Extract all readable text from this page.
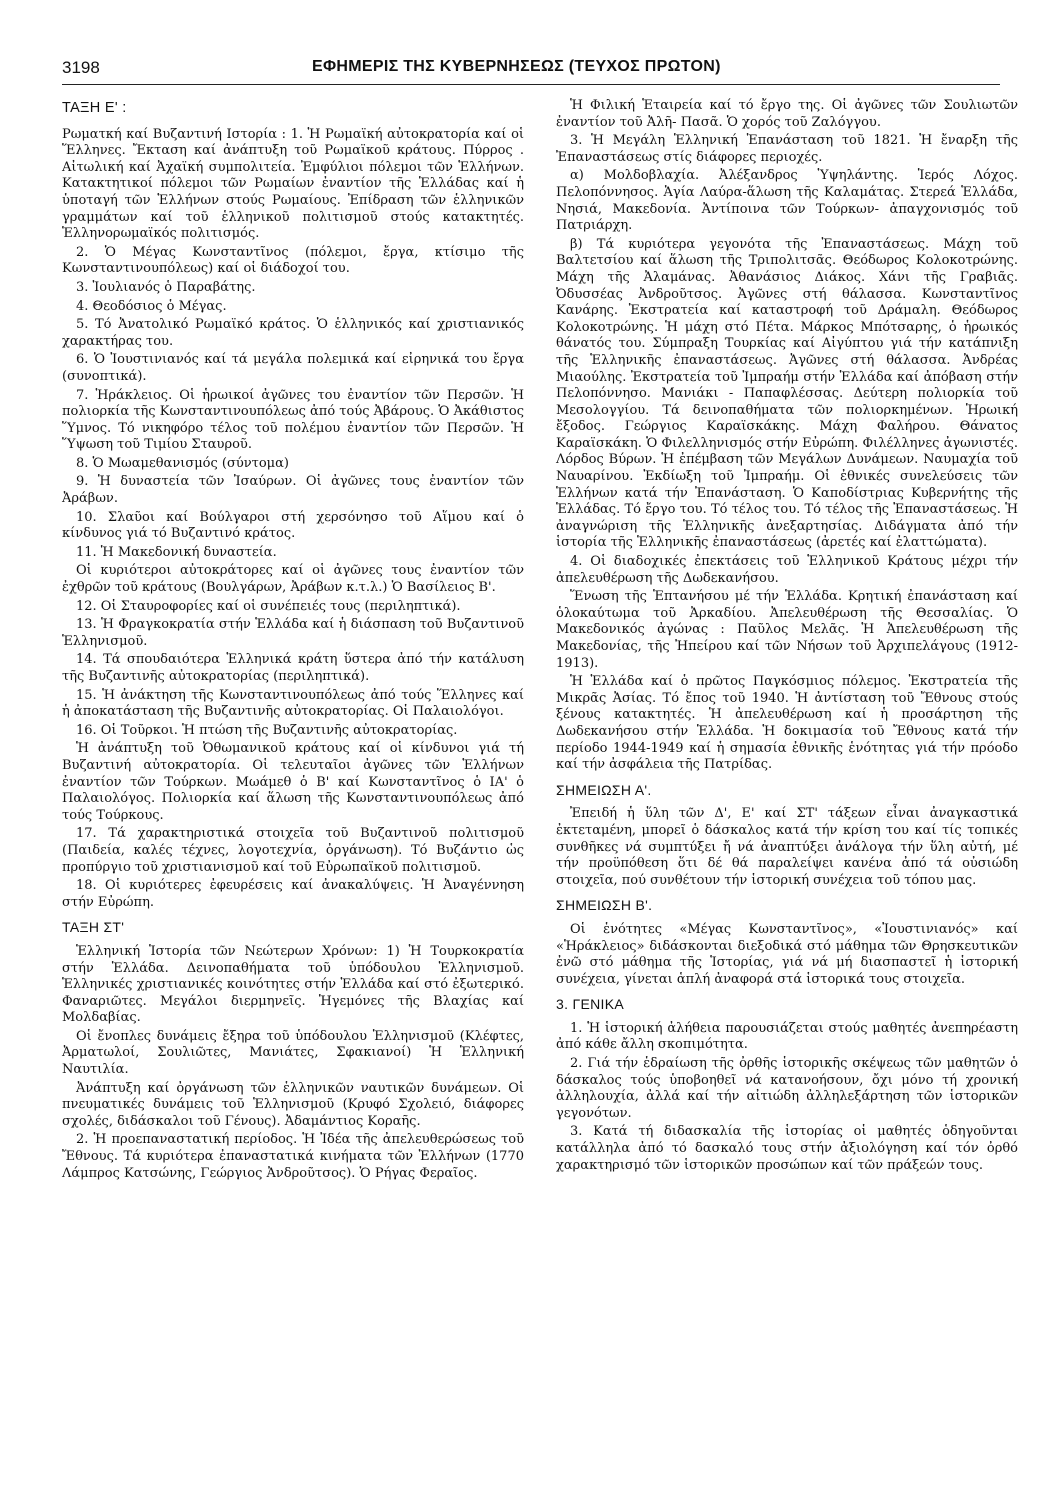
3198	ΕΦΗΜΕΡΙΣ ΤΗΣ ΚΥΒΕΡΝΗΣΕΩΣ (ΤΕΥΧΟΣ ΠΡΩΤΟΝ)
ΤΑΞΗ Ε' :

Ρωματκή καί Βυζαντινή Ιστορία : 1. Ἡ Ρωμαϊκή αὐτοκρατορία καί οἱ Ἕλληνες. Ἔκταση καί ἀνάπτυξη τοῦ Ρωμαϊκοῦ κράτους. Πύρρος . Αἰτωλική καί Ἀχαϊκή συμπολιτεία. Ἐμφύλιοι πόλεμοι τῶν Ἑλλήνων. Κατακτητικοί πόλεμοι τῶν Ρωμαίων ἐναντίον τῆς Ἑλλάδας καί ἡ ὑποταγή τῶν Ἑλλήνων στούς Ρωμαίους. Ἐπίδραση τῶν ἑλληνικῶν γραμμάτων καί τοῦ ἑλληνικοῦ πολιτισμοῦ στούς κατακτητές. Ἑλληνορωμαϊκός πολιτισμός.

2. Ὁ Μέγας Κωνσταντῖνος (πόλεμοι, ἔργα, κτίσιμο τῆς Κωνσταντινουπόλεως) καί οἱ διάδοχοί του.

3. Ἰουλιανός ὁ Παραβάτης.

4. Θεοδόσιος ὁ Μέγας.

5. Τό Ἀνατολικό Ρωμαϊκό κράτος. Ὁ ἑλληνικός καί χριστιανικός χαρακτήρας του.

6. Ὁ Ἰουστινιανός καί τά μεγάλα πολεμικά καί εἰρηνικά του ἔργα (συνοπτικά).

7. Ἡράκλειος. Οἱ ἡρωικοί ἀγῶνες του ἐναντίον τῶν Περσῶν. Ἡ πολιορκία τῆς Κωνσταντινουπόλεως ἀπό τούς Ἀβάρους. Ὁ Ἀκάθιστος Ὕμνος. Τό νικηφόρο τέλος τοῦ πολέμου ἐναντίον τῶν Περσῶν. Ἡ Ὕψωση τοῦ Τιμίου Σταυροῦ.

8. Ὁ Μωαμεθανισμός (σύντομα)

9. Ἡ δυναστεία τῶν Ἰσαύρων. Οἱ ἀγῶνες τους ἐναντίον τῶν Ἀράβων.

10. Σλαῦοι καί Βούλγαροι στή χερσόνησο τοῦ Αἵμου καί ὁ κίνδυνος γιά τό Βυζαντινό κράτος.

11. Ἡ Μακεδονική δυναστεία.

Οἱ κυριότεροι αὐτοκράτορες καί οἱ ἀγῶνες τους ἐναντίον τῶν ἐχθρῶν τοῦ κράτους (Βουλγάρων, Ἀράβων κ.τ.λ.) Ὁ Βασίλειος Β'.

12. Οἱ Σταυροφορίες καί οἱ συνέπειές τους (περιληπτικά).

13. Ἡ Φραγκοκρατία στήν Ἑλλάδα καί ἡ διάσπαση τοῦ Βυζαντινοῦ Ἑλληνισμοῦ.

14. Τά σπουδαιότερα Ἑλληνικά κράτη ὕστερα ἀπό τήν κατάλυση τῆς Βυζαντινῆς αὐτοκρατορίας (περιληπτικά).

15. Ἡ ἀνάκτηση τῆς Κωνσταντινουπόλεως ἀπό τούς Ἕλληνες καί ἡ ἀποκατάσταση τῆς Βυζαντινῆς αὐτοκρατορίας. Οἱ Παλαιολόγοι.

16. Οἱ Τοῦρκοι. Ἡ πτώση τῆς Βυζαντινῆς αὐτοκρατορίας.

Ἡ ἀνάπτυξη τοῦ Ὀθωμανικοῦ κράτους καί οἱ κίνδυνοι γιά τή Βυζαντινή αὐτοκρατορία. Οἱ τελευταῖοι ἀγῶνες τῶν Ἑλλήνων ἐναντίον τῶν Τούρκων. Μωάμεθ ὁ Β' καί Κωνσταντῖνος ὁ ΙΑ' ὁ Παλαιολόγος. Πολιορκία καί ἅλωση τῆς Κωνσταντινουπόλεως ἀπό τούς Τούρκους.

17. Τά χαρακτηριστικά στοιχεῖα τοῦ Βυζαντινοῦ πολιτισμοῦ (Παιδεία, καλές τέχνες, λογοτεχνία, ὀργάνωση). Τό Βυζάντιο ὡς προπύργιο τοῦ χριστιανισμοῦ καί τοῦ Εὐρωπαϊκοῦ πολιτισμοῦ.

18. Οἱ κυριότερες ἐφευρέσεις καί ἀνακαλύψεις. Ἡ Ἀναγέννηση στήν Εὐρώπη.

ΤΑΞΗ ΣΤ'

Ἑλληνική Ἱστορία τῶν Νεώτερων Χρόνων: 1) Ἡ Τουρκοκρατία στήν Ἑλλάδα. Δεινοπαθήματα τοῦ ὑπόδουλου Ἑλληνισμοῦ. Ἑλληνικές χριστιανικές κοινότητες στήν Ἑλλάδα καί στό ἐξωτερικό. Φαναριῶτες. Μεγάλοι διερμηνεῖς. Ἡγεμόνες τῆς Βλαχίας καί Μολδαβίας.

Οἱ ἔνοπλες δυνάμεις ἔξηρα τοῦ ὑπόδουλου Ἑλληνισμοῦ (Κλέφτες, Ἀρματωλοί, Σουλιῶτες, Μανιάτες, Σφακιανοί) Ἡ Ἑλληνική Ναυτιλία.

Ἀνάπτυξη καί ὀργάνωση τῶν ἑλληνικῶν ναυτικῶν δυνάμεων. Οἱ πνευματικές δυνάμεις τοῦ Ἑλληνισμοῦ (Κρυφό Σχολειό, διάφορες σχολές, διδάσκαλοι τοῦ Γένους). Ἀδαμάντιος Κοραῆς.

2. Ἡ προεπαναστατική περίοδος. Ἡ Ἰδέα τῆς ἀπελευθερώσεως τοῦ Ἔθνους. Τά κυριότερα ἐπαναστατικά κινήματα τῶν Ἑλλήνων (1770 Λάμπρος Κατσώνης, Γεώργιος Ἀνδροῦτσος). Ὁ Ρήγας Φεραῖος.

Ἡ Φιλική Ἑταιρεία καί τό ἔργο της. Οἱ ἀγῶνες τῶν Σουλιωτῶν ἐναντίον τοῦ Ἀλῆ- Πασᾶ. Ὁ χορός τοῦ Ζαλόγγου.

3. Ἡ Μεγάλη Ἑλληνική Ἐπανάσταση τοῦ 1821. Ἡ ἔναρξη τῆς Ἐπαναστάσεως στίς διάφορες περιοχές.

α) Μολδοβλαχία. Ἀλέξανδρος Ὑψηλάντης. Ἱερός Λόχος. Πελοπόννησος. Ἁγία Λαύρα-ἅλωση τῆς Καλαμάτας. Στερεά Ἑλλάδα, Νησιά, Μακεδονία. Ἀντίποινα τῶν Τούρκων- ἀπαγχονισμός τοῦ Πατριάρχη.

β) Τά κυριότερα γεγονότα τῆς Ἐπαναστάσεως. Μάχη τοῦ Βαλτετσίου καί ἅλωση τῆς Τριπολιτσᾶς. Θεόδωρος Κολοκοτρώνης. Μάχη τῆς Ἀλαμάνας. Ἀθανάσιος Διάκος. Χάνι τῆς Γραβιᾶς. Ὀδυσσέας Ἀνδροῦτσος. Ἀγῶνες στή θάλασσα. Κωνσταντῖνος Κανάρης. Ἐκστρατεία καί καταστροφή τοῦ Δράμαλη. Θεόδωρος Κολοκοτρώνης. Ἡ μάχη στό Πέτα. Μάρκος Μπότσαρης, ὁ ἡρωικός θάνατός του. Σύμπραξη Τουρκίας καί Αἰγύπτου γιά τήν κατάπνιξη τῆς Ἑλληνικῆς ἐπαναστάσεως. Ἀγῶνες στή θάλασσα. Ἀνδρέας Μιαούλης. Ἐκστρατεία τοῦ Ἰμπραήμ στήν Ἑλλάδα καί ἀπόβαση στήν Πελοπόννησο. Μανιάκι - Παπαφλέσσας. Δεύτερη πολιορκία τοῦ Μεσολογγίου. Τά δεινοπαθήματα τῶν πολιορκημένων. Ἡρωική ἔξοδος. Γεώργιος Καραϊσκάκης. Μάχη Φαλήρου. Θάνατος Καραϊσκάκη. Ὁ Φιλελληνισμός στήν Εὐρώπη. Φιλέλληνες ἀγωνιστές. Λόρδος Βύρων. Ἡ ἐπέμβαση τῶν Μεγάλων Δυνάμεων. Ναυμαχία τοῦ Ναυαρίνου. Ἐκδίωξη τοῦ Ἰμπραήμ. Οἱ ἐθνικές συνελεύσεις τῶν Ἑλλήνων κατά τήν Ἐπανάσταση. Ὁ Καποδίστριας Κυβερνήτης τῆς Ἑλλάδας. Τό ἔργο του. Τό τέλος του. Τό τέλος τῆς Ἐπαναστάσεως. Ἡ ἀναγνώριση τῆς Ἑλληνικῆς ἀνεξαρτησίας. Διδάγματα ἀπό τήν ἱστορία τῆς Ἑλληνικῆς ἐπαναστάσεως (ἀρετές καί ἐλαττώματα).

4. Οἱ διαδοχικές ἐπεκτάσεις τοῦ Ἑλληνικοῦ Κράτους μέχρι τήν ἀπελευθέρωση τῆς Δωδεκανήσου.

Ἕνωση τῆς Ἑπτανήσου μέ τήν Ἑλλάδα. Κρητική ἐπανάσταση καί ὁλοκαύτωμα τοῦ Ἀρκαδίου. Ἀπελευθέρωση τῆς Θεσσαλίας. Ὁ Μακεδονικός ἀγώνας : Παῦλος Μελᾶς. Ἡ Ἀπελευθέρωση τῆς Μακεδονίας, τῆς Ἠπείρου καί τῶν Νήσων τοῦ Ἀρχιπελάγους (1912-1913).

Ἡ Ἑλλάδα καί ὁ πρῶτος Παγκόσμιος πόλεμος. Ἐκστρατεία τῆς Μικρᾶς Ἀσίας. Τό ἔπος τοῦ 1940. Ἡ ἀντίσταση τοῦ Ἔθνους στούς ξένους κατακτητές. Ἡ ἀπελευθέρωση καί ἡ προσάρτηση τῆς Δωδεκανήσου στήν Ἑλλάδα. Ἡ δοκιμασία τοῦ Ἔθνους κατά τήν περίοδο 1944-1949 καί ἡ σημασία ἐθνικῆς ἑνότητας γιά τήν πρόοδο καί τήν ἀσφάλεια τῆς Πατρίδας.

ΣΗΜΕΙΩΣΗ Α'.

Ἐπειδή ἡ ὕλη τῶν Δ', Ε' καί ΣΤ' τάξεων εἶναι ἀναγκαστικά ἐκτεταμένη, μπορεῖ ὁ δάσκαλος κατά τήν κρίση του καί τίς τοπικές συνθῆκες νά συμπτύξει ἤ νά ἀναπτύξει ἀνάλογα τήν ὕλη αὐτή, μέ τήν προϋπόθεση ὅτι δέ θά παραλείψει κανένα ἀπό τά οὐσιώδη στοιχεῖα, πού συνθέτουν τήν ἱστορική συνέχεια τοῦ τόπου μας.

ΣΗΜΕΙΩΣΗ Β'.

Οἱ ἑνότητες «Μέγας Κωνσταντῖνος», «Ἰουστινιανός» καί «Ἡράκλειος» διδάσκονται διεξοδικά στό μάθημα τῶν Θρησκευτικῶν ἐνῶ στό μάθημα τῆς Ἱστορίας, γιά νά μή διασπαστεῖ ἡ ἱστορική συνέχεια, γίνεται ἁπλή ἀναφορά στά ἱστορικά τους στοιχεῖα.

3. ΓΕΝΙΚΑ

1. Ἡ ἱστορική ἀλήθεια παρουσιάζεται στούς μαθητές ἀνεπηρέαστη ἀπό κάθε ἄλλη σκοπιμότητα.

2. Γιά τήν ἑδραίωση τῆς ὀρθῆς ἱστορικῆς σκέψεως τῶν μαθητῶν ὁ δάσκαλος τούς ὑποβοηθεῖ νά κατανοήσουν, ὄχι μόνο τή χρονική ἀλληλουχία, ἀλλά καί τήν αἰτιώδη ἀλληλεξάρτηση τῶν ἱστορικῶν γεγονότων.

3. Κατά τή διδασκαλία τῆς ἱστορίας οἱ μαθητές ὁδηγοῦνται κατάλληλα ἀπό τό δασκαλό τους στήν ἀξιολόγηση καί τόν ὀρθό χαρακτηρισμό τῶν ἱστορικῶν προσώπων καί τῶν πράξεών τους.
